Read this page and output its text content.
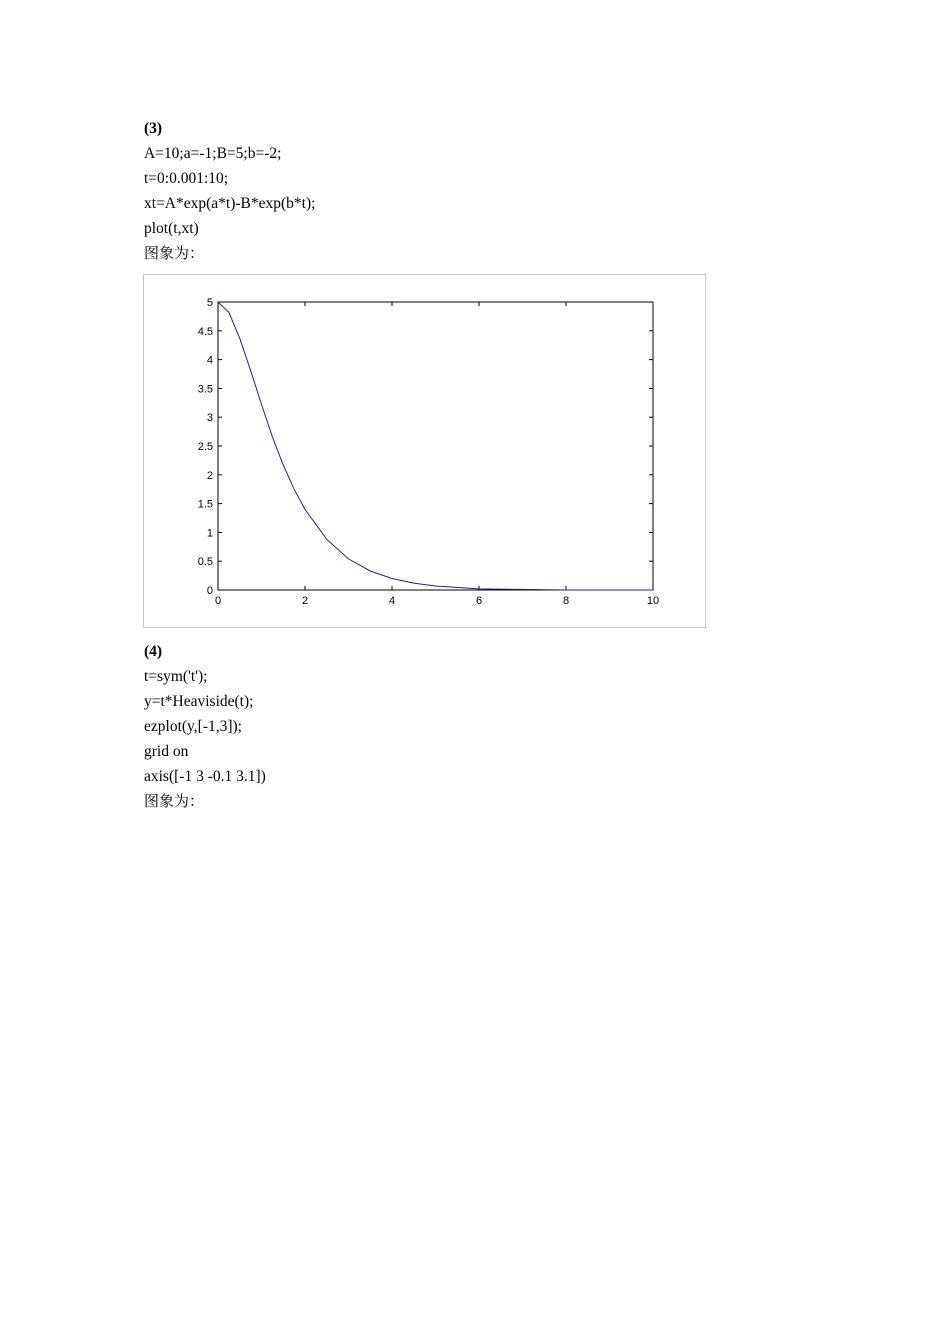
(3)
A=10;a=-1;B=5;b=-2;
t=0:0.001:10;
xt=A*exp(a*t)-B*exp(b*t);
plot(t,xt)
图象为：
0	2	4	6	8	10
0
0.5
1
1.5
2
2.5
3
3.5
4
4.5
5
(4)
t=sym('t');
y=t*Heaviside(t);
ezplot(y,[-1,3]);
grid on
axis([-1 3 -0.1 3.1])
图象为：
